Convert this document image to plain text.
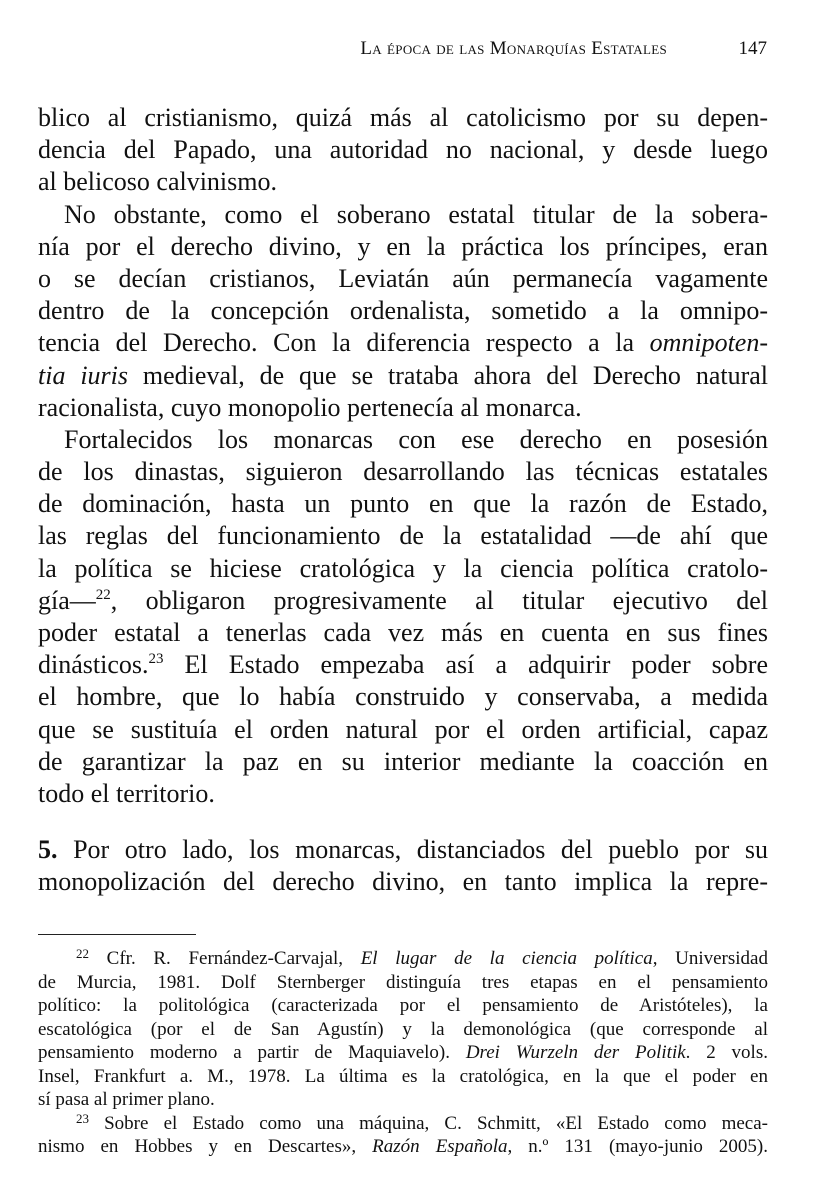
La época de las Monarquías Estatales	147
blico al cristianismo, quizá más al catolicismo por su depen-
dencia del Papado, una autoridad no nacional, y desde luego
al belicoso calvinismo.
No obstante, como el soberano estatal titular de la sobera-
nía por el derecho divino, y en la práctica los príncipes, eran
o se decían cristianos, Leviatán aún permanecía vagamente
dentro de la concepción ordenalista, sometido a la omnipo-
tencia del Derecho. Con la diferencia respecto a la omnipoten-
tia iuris medieval, de que se trataba ahora del Derecho natural
racionalista, cuyo monopolio pertenecía al monarca.
Fortalecidos los monarcas con ese derecho en posesión
de los dinastas, siguieron desarrollando las técnicas estatales
de dominación, hasta un punto en que la razón de Estado,
las reglas del funcionamiento de la estatalidad —de ahí que
la política se hiciese cratológica y la ciencia política cratolo-
gía—$^{22}$, obligaron progresivamente al titular ejecutivo del
poder estatal a tenerlas cada vez más en cuenta en sus fines
dinásticos.$^{23}$ El Estado empezaba así a adquirir poder sobre
el hombre, que lo había construido y conservaba, a medida
que se sustituía el orden natural por el orden artificial, capaz
de garantizar la paz en su interior mediante la coacción en
todo el territorio.
5. Por otro lado, los monarcas, distanciados del pueblo por su
monopolización del derecho divino, en tanto implica la repre-
$^{22}$ Cfr. R. Fernández-Carvajal, El lugar de la ciencia política, Universidad
de Murcia, 1981. Dolf Sternberger distinguía tres etapas en el pensamiento
político: la politológica (caracterizada por el pensamiento de Aristóteles), la
escatológica (por el de San Agustín) y la demonológica (que corresponde al
pensamiento moderno a partir de Maquiavelo). Drei Wurzeln der Politik. 2 vols.
Insel, Frankfurt a. M., 1978. La última es la cratológica, en la que el poder en
sí pasa al primer plano.
$^{23}$ Sobre el Estado como una máquina, C. Schmitt, «El Estado como meca-
nismo en Hobbes y en Descartes», Razón Española, n.º 131 (mayo-junio 2005).
